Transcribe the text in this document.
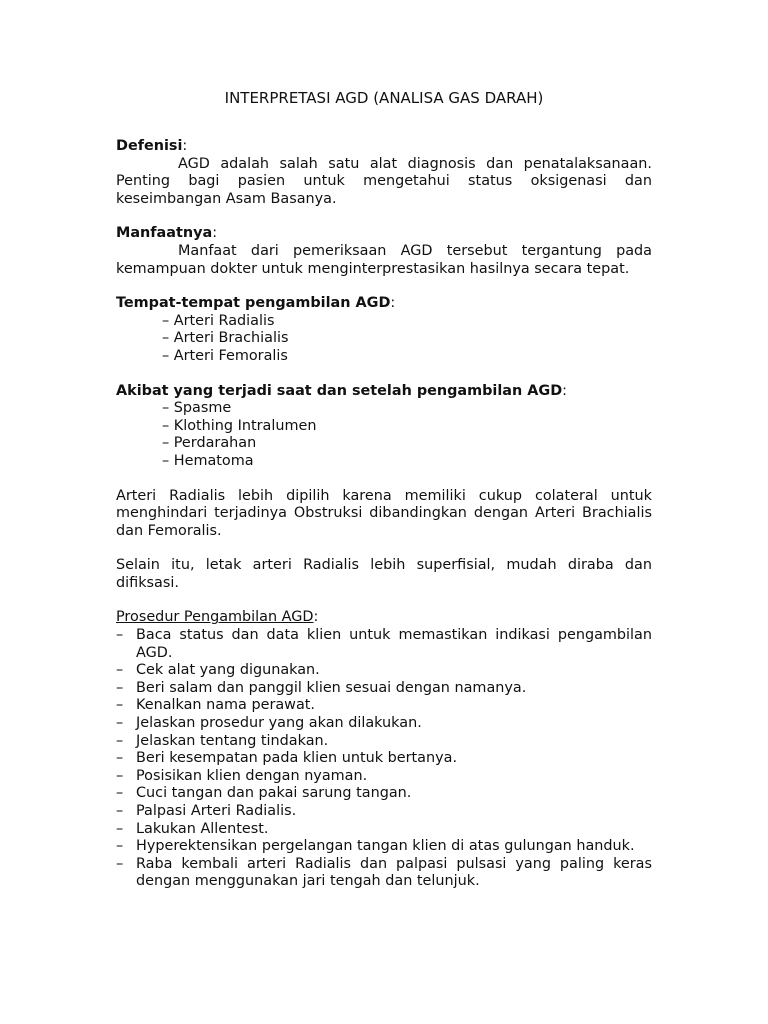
INTERPRETASI AGD (ANALISA GAS DARAH)

Defenisi:

AGD adalah salah satu alat diagnosis dan penatalaksanaan. Penting bagi pasien untuk mengetahui status oksigenasi dan keseimbangan Asam Basanya.

Manfaatnya:

Manfaat dari pemeriksaan AGD tersebut tergantung pada kemampuan dokter untuk menginterprestasikan hasilnya secara tepat.

Tempat-tempat pengambilan AGD:

– Arteri Radialis
– Arteri Brachialis
– Arteri Femoralis

Akibat yang terjadi saat dan setelah pengambilan AGD:

– Spasme
– Klothing Intralumen
– Perdarahan
– Hematoma

Arteri Radialis lebih dipilih karena memiliki cukup colateral untuk menghindari terjadinya Obstruksi dibandingkan dengan Arteri Brachialis dan Femoralis.

Selain itu, letak arteri Radialis lebih superfisial, mudah diraba dan difiksasi.

Prosedur Pengambilan AGD:

– Baca status dan data klien untuk memastikan indikasi pengambilan AGD.
– Cek alat yang digunakan.
– Beri salam dan panggil klien sesuai dengan namanya.
– Kenalkan nama perawat.
– Jelaskan prosedur yang akan dilakukan.
– Jelaskan tentang tindakan.
– Beri kesempatan pada klien untuk bertanya.
– Posisikan klien dengan nyaman.
– Cuci tangan dan pakai sarung tangan.
– Palpasi Arteri Radialis.
– Lakukan Allentest.
– Hyperektensikan pergelangan tangan klien di atas gulungan handuk.
– Raba kembali arteri Radialis dan palpasi pulsasi yang paling keras dengan menggunakan jari tengah dan telunjuk.
